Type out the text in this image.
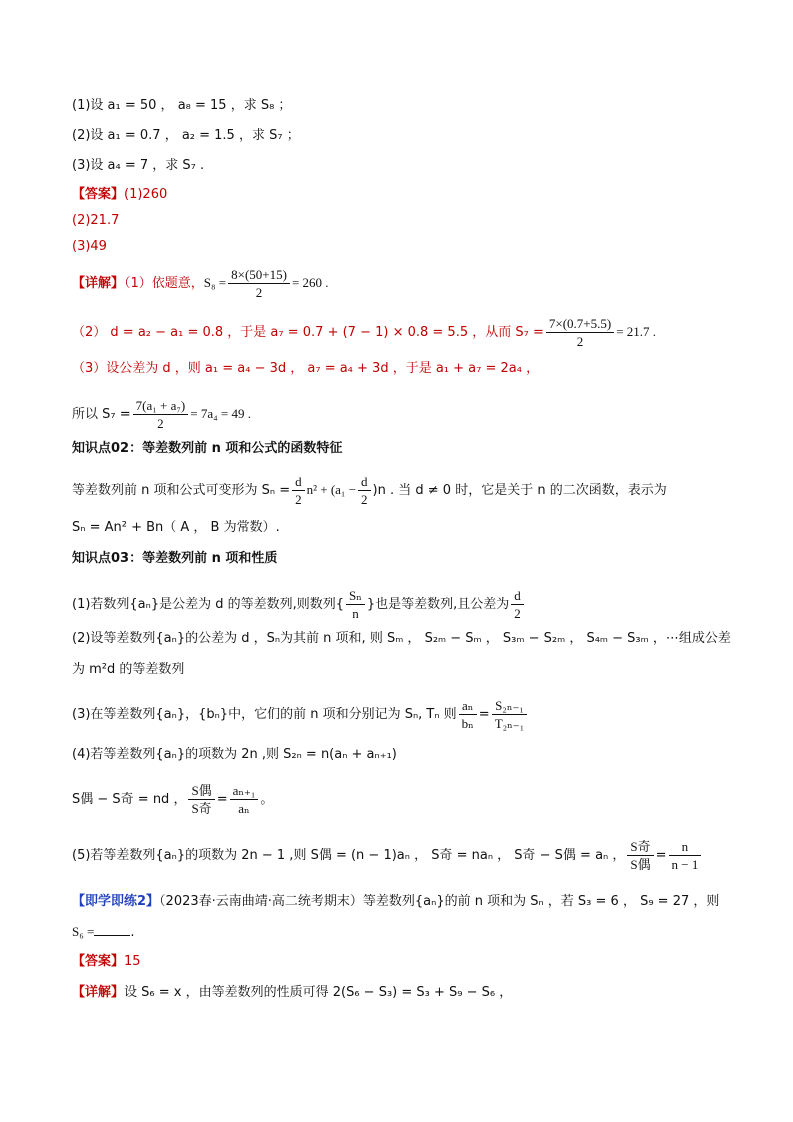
(1)设 a₁ = 50 ， a₈ = 15 ，求 S₈ ；
(2)设 a₁ = 0.7 ， a₂ = 1.5 ，求 S₇ ；
(3)设 a₄ = 7 ，求 S₇ .
【答案】(1)260
(2)21.7
(3)49
【详解】（1）依题意，$S_8 = \frac{8\times(50+15)}{2} = 260$ .
（2） d = a₂ − a₁ = 0.8 ，于是 a₇ = 0.7 + (7 − 1) × 0.8 = 5.5 ，从而 $S_7 = \frac{7\times(0.7+5.5)}{2} = 21.7$ .
（3）设公差为 d ，则 a₁ = a₄ − 3d ， a₇ = a₄ + 3d ，于是 a₁ + a₇ = 2a₄ ，
所以 $S_7 = \frac{\text{7(a₁ + a₇)}}{2} = 7a_4 = 49$ .
知识点02：等差数列前 n 项和公式的函数特征
等差数列前 n 项和公式可变形为 $S_n = \frac{d}{2} n^2 + (a_1 - \frac{d}{2} )n$ . 当 d ≠ 0 时，它是关于 n 的二次函数，表示为
Sₙ = An² + Bn（ A ， B 为常数）.
知识点03：等差数列前 n 项和性质
(1)若数列{aₙ}是公差为 d 的等差数列,则数列{ $\frac{\text{Sₙ}}{n}$ }也是等差数列,且公差为 $\frac{d}{2}$
(2)设等差数列{aₙ}的公差为 d ，Sₙ为其前 n 项和, 则 Sₘ ， S₂ₘ − Sₘ ， S₃ₘ − S₂ₘ ， S₄ₘ − S₃ₘ ，⋯组成公差
为 m²d 的等差数列
(3)在等差数列{aₙ}，{bₙ}中，它们的前 n 项和分别记为 Sₙ, Tₙ 则 $\frac{\text{aₙ}}{\text{bₙ}} = \frac{\text{S₂ₙ₋₁}}{\text{T₂ₙ₋₁}}$
(4)若等差数列{aₙ}的项数为 2n ,则 S₂ₙ = n(aₙ + aₙ₊₁)
S偶 − S奇 = nd ， $\frac{\text{S偶}}{\text{S奇}} = \frac{\text{aₙ₊₁}}{\text{aₙ}}$ 。
(5)若等差数列{aₙ}的项数为 2n − 1 ,则 S偶 = (n − 1)aₙ ， S奇 = naₙ ， S奇 − S偶 = aₙ ， $\frac{\text{S奇}}{\text{S偶}} = \frac{n}{n - 1}$
【即学即练2】（2023春·云南曲靖·高二统考期末）等差数列{aₙ}的前 n 项和为 Sₙ ，若 S₃ = 6 ， S₉ = 27 ，则
S₆ =	.
【答案】15
【详解】设 S₆ = x ，由等差数列的性质可得 2(S₆ − S₃) = S₃ + S₉ − S₆ ，
